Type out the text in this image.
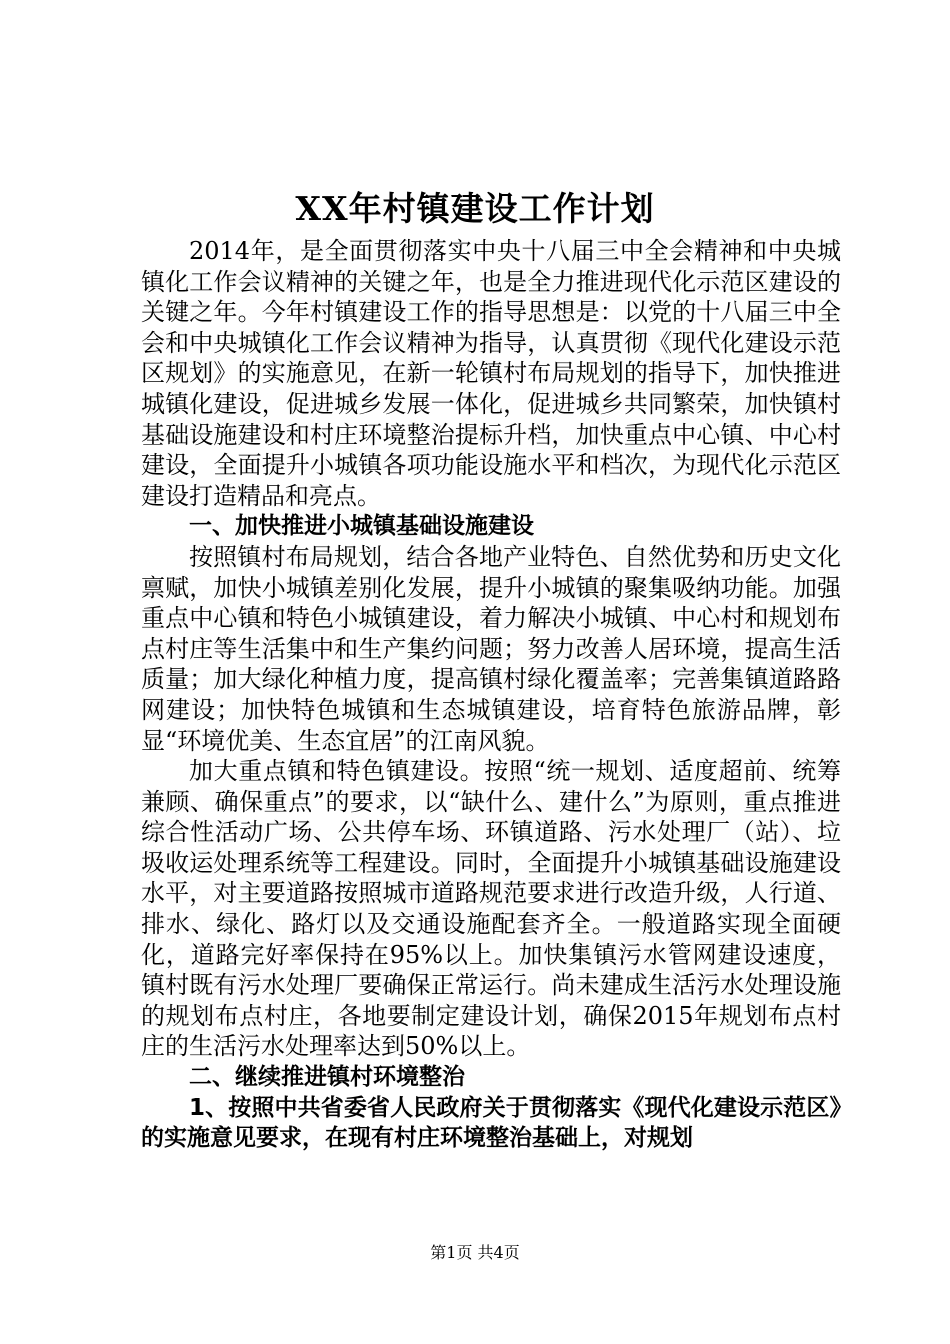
XX年村镇建设工作计划

2014年，是全面贯彻落实中央十八届三中全会精神和中央城镇化工作会议精神的关键之年，也是全力推进现代化示范区建设的关键之年。今年村镇建设工作的指导思想是：以党的十八届三中全会和中央城镇化工作会议精神为指导，认真贯彻《现代化建设示范区规划》的实施意见，在新一轮镇村布局规划的指导下，加快推进城镇化建设，促进城乡发展一体化，促进城乡共同繁荣，加快镇村基础设施建设和村庄环境整治提标升档，加快重点中心镇、中心村建设，全面提升小城镇各项功能设施水平和档次，为现代化示范区建设打造精品和亮点。

一、加快推进小城镇基础设施建设

按照镇村布局规划，结合各地产业特色、自然优势和历史文化禀赋，加快小城镇差别化发展，提升小城镇的聚集吸纳功能。加强重点中心镇和特色小城镇建设，着力解决小城镇、中心村和规划布点村庄等生活集中和生产集约问题；努力改善人居环境，提高生活质量；加大绿化种植力度，提高镇村绿化覆盖率；完善集镇道路路网建设；加快特色城镇和生态城镇建设，培育特色旅游品牌，彰显“环境优美、生态宜居”的江南风貌。

加大重点镇和特色镇建设。按照“统一规划、适度超前、统筹兼顾、确保重点”的要求，以“缺什么、建什么”为原则，重点推进综合性活动广场、公共停车场、环镇道路、污水处理厂（站）、垃圾收运处理系统等工程建设。同时，全面提升小城镇基础设施建设水平，对主要道路按照城市道路规范要求进行改造升级，人行道、排水、绿化、路灯以及交通设施配套齐全。一般道路实现全面硬化，道路完好率保持在95%以上。加快集镇污水管网建设速度，镇村既有污水处理厂要确保正常运行。尚未建成生活污水处理设施的规划布点村庄，各地要制定建设计划，确保2015年规划布点村庄的生活污水处理率达到50%以上。

二、继续推进镇村环境整治

1、按照中共省委省人民政府关于贯彻落实《现代化建设示范区》的实施意见要求，在现有村庄环境整治基础上，对规划

第1页 共4页
